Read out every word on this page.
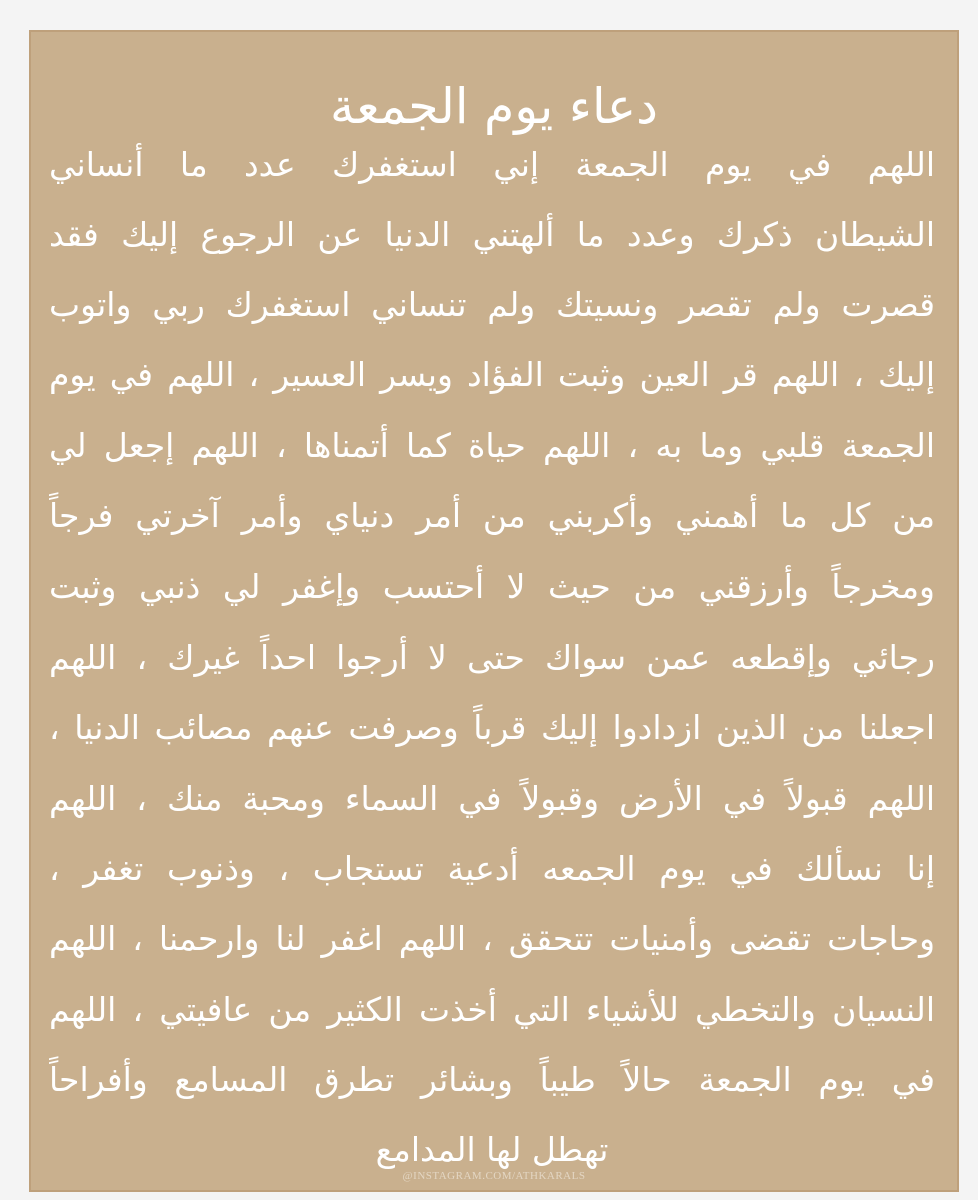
دعاء يوم الجمعة
اللهم في يوم الجمعة إني استغفرك عدد ما أنساني
الشيطان ذكرك وعدد ما ألهتني الدنيا عن الرجوع إليك فقد
قصرت ولم تقصر ونسيتك ولم تنساني استغفرك ربي واتوب
إليك ، اللهم قر العين وثبت الفؤاد ويسر العسير ، اللهم في يوم
الجمعة قلبي وما به ، اللهم حياة كما أتمناها ، اللهم إجعل لي
من كل ما أهمني وأكربني من أمر دنياي وأمر آخرتي فرجاً
ومخرجاً وأرزقني من حيث لا أحتسب وإغفر لي ذنبي وثبت
رجائي وإقطعه عمن سواك حتى لا أرجوا احداً غيرك ، اللهم
اجعلنا من الذين ازدادوا إليك قرباً وصرفت عنهم مصائب الدنيا ،
اللهم قبولاً في الأرض وقبولاً في السماء ومحبة منك ، اللهم
إنا نسألك في يوم الجمعه أدعية تستجاب ، وذنوب تغفر ،
وحاجات تقضى وأمنيات تتحقق ، اللهم اغفر لنا وارحمنا ، اللهم
النسيان والتخطي للأشياء التي أخذت الكثير من عافيتي ، اللهم
في يوم الجمعة حالاً طيباً وبشائر تطرق المسامع وأفراحاً
تهطل لها المدامع
@INSTAGRAM.COM/ATHKARALS
